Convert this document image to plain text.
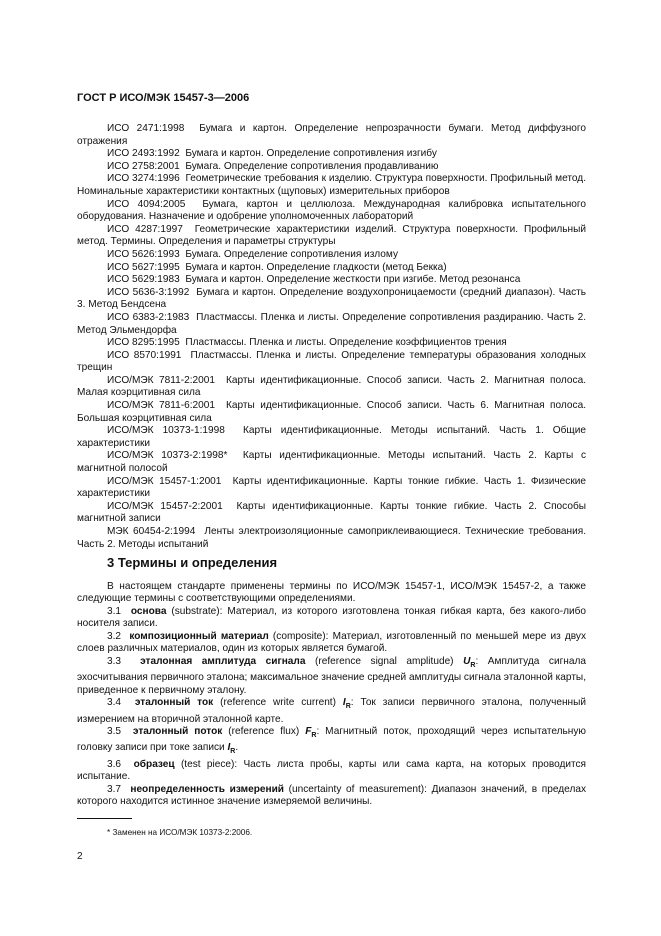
ГОСТ Р ИСО/МЭК 15457-3—2006

ИСО 2471:1998 Бумага и картон. Определение непрозрачности бумаги. Метод диффузного отражения

ИСО 2493:1992 Бумага и картон. Определение сопротивления изгибу

ИСО 2758:2001 Бумага. Определение сопротивления продавливанию

ИСО 3274:1996 Геометрические требования к изделию. Структура поверхности. Профильный метод. Номинальные характеристики контактных (щуповых) измерительных приборов

ИСО 4094:2005 Бумага, картон и целлюлоза. Международная калибровка испытательного оборудования. Назначение и одобрение уполномоченных лабораторий

ИСО 4287:1997 Геометрические характеристики изделий. Структура поверхности. Профильный метод. Термины. Определения и параметры структуры

ИСО 5626:1993 Бумага. Определение сопротивления излому

ИСО 5627:1995 Бумага и картон. Определение гладкости (метод Бекка)

ИСО 5629:1983 Бумага и картон. Определение жесткости при изгибе. Метод резонанса

ИСО 5636-3:1992 Бумага и картон. Определение воздухопроницаемости (средний диапазон). Часть 3. Метод Бендсена

ИСО 6383-2:1983 Пластмассы. Пленка и листы. Определение сопротивления раздиранию. Часть 2. Метод Эльмендорфа

ИСО 8295:1995 Пластмассы. Пленка и листы. Определение коэффициентов трения

ИСО 8570:1991 Пластмассы. Пленка и листы. Определение температуры образования холодных трещин

ИСО/МЭК 7811-2:2001 Карты идентификационные. Способ записи. Часть 2. Магнитная полоса. Малая коэрцитивная сила

ИСО/МЭК 7811-6:2001 Карты идентификационные. Способ записи. Часть 6. Магнитная полоса. Большая коэрцитивная сила

ИСО/МЭК 10373-1:1998 Карты идентификационные. Методы испытаний. Часть 1. Общие характеристики

ИСО/МЭК 10373-2:1998* Карты идентификационные. Методы испытаний. Часть 2. Карты с магнитной полосой

ИСО/МЭК 15457-1:2001 Карты идентификационные. Карты тонкие гибкие. Часть 1. Физические характеристики

ИСО/МЭК 15457-2:2001 Карты идентификационные. Карты тонкие гибкие. Часть 2. Способы магнитной записи

МЭК 60454-2:1994 Ленты электроизоляционные самоприклеивающиеся. Технические требования. Часть 2. Методы испытаний

3 Термины и определения

В настоящем стандарте применены термины по ИСО/МЭК 15457-1, ИСО/МЭК 15457-2, а также следующие термины с соответствующими определениями.

3.1 основа (substrate): Материал, из которого изготовлена тонкая гибкая карта, без какого-либо носителя записи.

3.2 композиционный материал (composite): Материал, изготовленный по меньшей мере из двух слоев различных материалов, один из которых является бумагой.

3.3 эталонная амплитуда сигнала (reference signal amplitude) $U_R$: Амплитуда сигнала эхосчитывания первичного эталона; максимальное значение средней амплитуды сигнала эталонной карты, приведенное к первичному эталону.

3.4 эталонный ток (reference write current) $I_R$: Ток записи первичного эталона, полученный измерением на вторичной эталонной карте.

3.5 эталонный поток (reference flux) $F_R$: Магнитный поток, проходящий через испытательную головку записи при токе записи $I_R$.

3.6 образец (test piece): Часть листа пробы, карты или сама карта, на которых проводится испытание.

3.7 неопределенность измерений (uncertainty of measurement): Диапазон значений, в пределах которого находится истинное значение измеряемой величины.

* Заменен на ИСО/МЭК 10373-2:2006.
2
